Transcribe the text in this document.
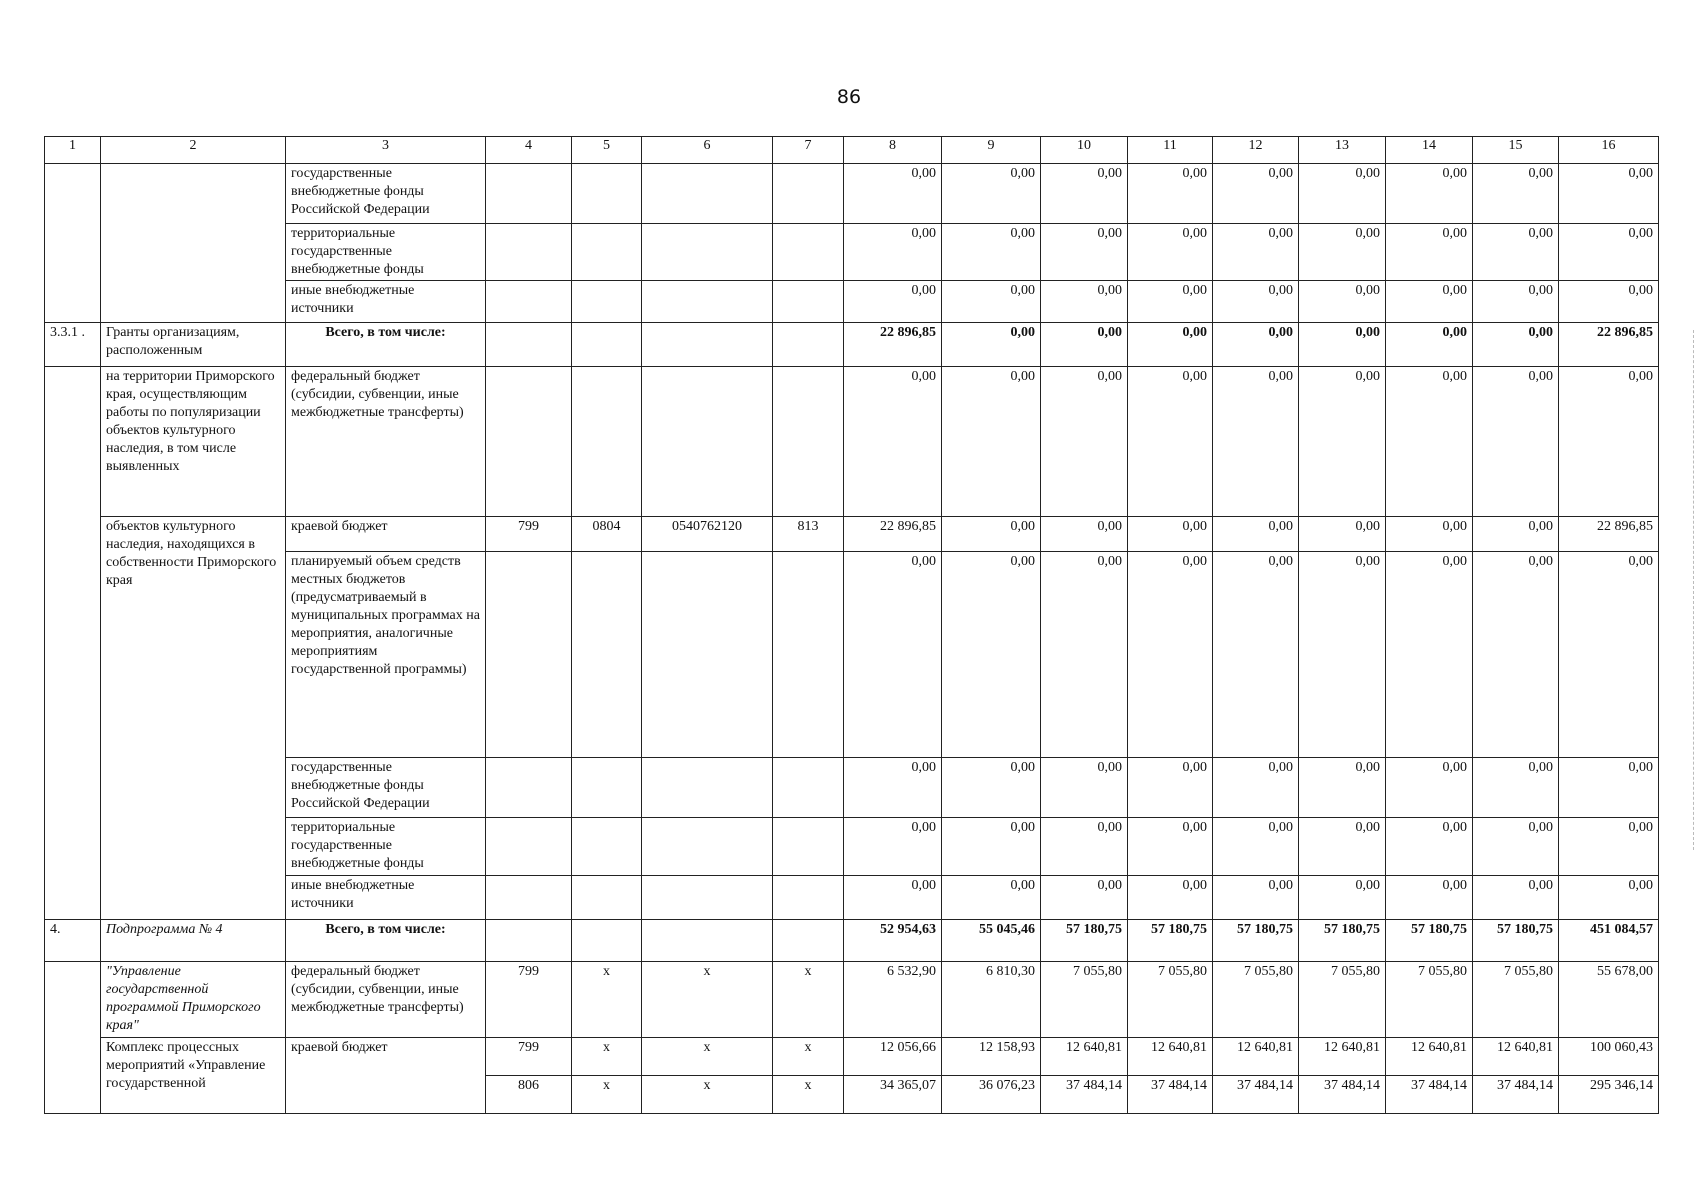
86
1	2	3	4	5	6	7	8	9	10	11	12	13	14	15	16
		государственные внебюджетные фонды Российской Федерации					0,00	0,00	0,00	0,00	0,00	0,00	0,00	0,00	0,00
		территориальные государственные внебюджетные фонды					0,00	0,00	0,00	0,00	0,00	0,00	0,00	0,00	0,00
		иные внебюджетные источники					0,00	0,00	0,00	0,00	0,00	0,00	0,00	0,00	0,00
3.3.1 .	Гранты организациям, расположенным	Всего, в том числе:					22 896,85	0,00	0,00	0,00	0,00	0,00	0,00	0,00	22 896,85
	на территории Приморского края, осуществляющим работы по популяризации объектов культурного наследия, в том числе выявленных	федеральный бюджет (субсидии, субвенции, иные межбюджетные трансферты)					0,00	0,00	0,00	0,00	0,00	0,00	0,00	0,00	0,00
	объектов культурного наследия, находящихся в собственности Приморского края	краевой бюджет	799	0804	0540762120	813	22 896,85	0,00	0,00	0,00	0,00	0,00	0,00	0,00	22 896,85
		планируемый объем средств местных бюджетов (предусматриваемый в муниципальных программах на мероприятия, аналогичные мероприятиям государственной программы)					0,00	0,00	0,00	0,00	0,00	0,00	0,00	0,00	0,00
		государственные внебюджетные фонды Российской Федерации					0,00	0,00	0,00	0,00	0,00	0,00	0,00	0,00	0,00
		территориальные государственные внебюджетные фонды					0,00	0,00	0,00	0,00	0,00	0,00	0,00	0,00	0,00
		иные внебюджетные источники					0,00	0,00	0,00	0,00	0,00	0,00	0,00	0,00	0,00
4.	Подпрограмма № 4	Всего, в том числе:					52 954,63	55 045,46	57 180,75	57 180,75	57 180,75	57 180,75	57 180,75	57 180,75	451 084,57
	"Управление государственной программой Приморского края"	федеральный бюджет (субсидии, субвенции, иные межбюджетные трансферты)	799	х	х	х	6 532,90	6 810,30	7 055,80	7 055,80	7 055,80	7 055,80	7 055,80	7 055,80	55 678,00
	Комплекс процессных мероприятий «Управление государственной	краевой бюджет	799	х	х	х	12 056,66	12 158,93	12 640,81	12 640,81	12 640,81	12 640,81	12 640,81	12 640,81	100 060,43
			806	х	х	х	34 365,07	36 076,23	37 484,14	37 484,14	37 484,14	37 484,14	37 484,14	37 484,14	295 346,14
